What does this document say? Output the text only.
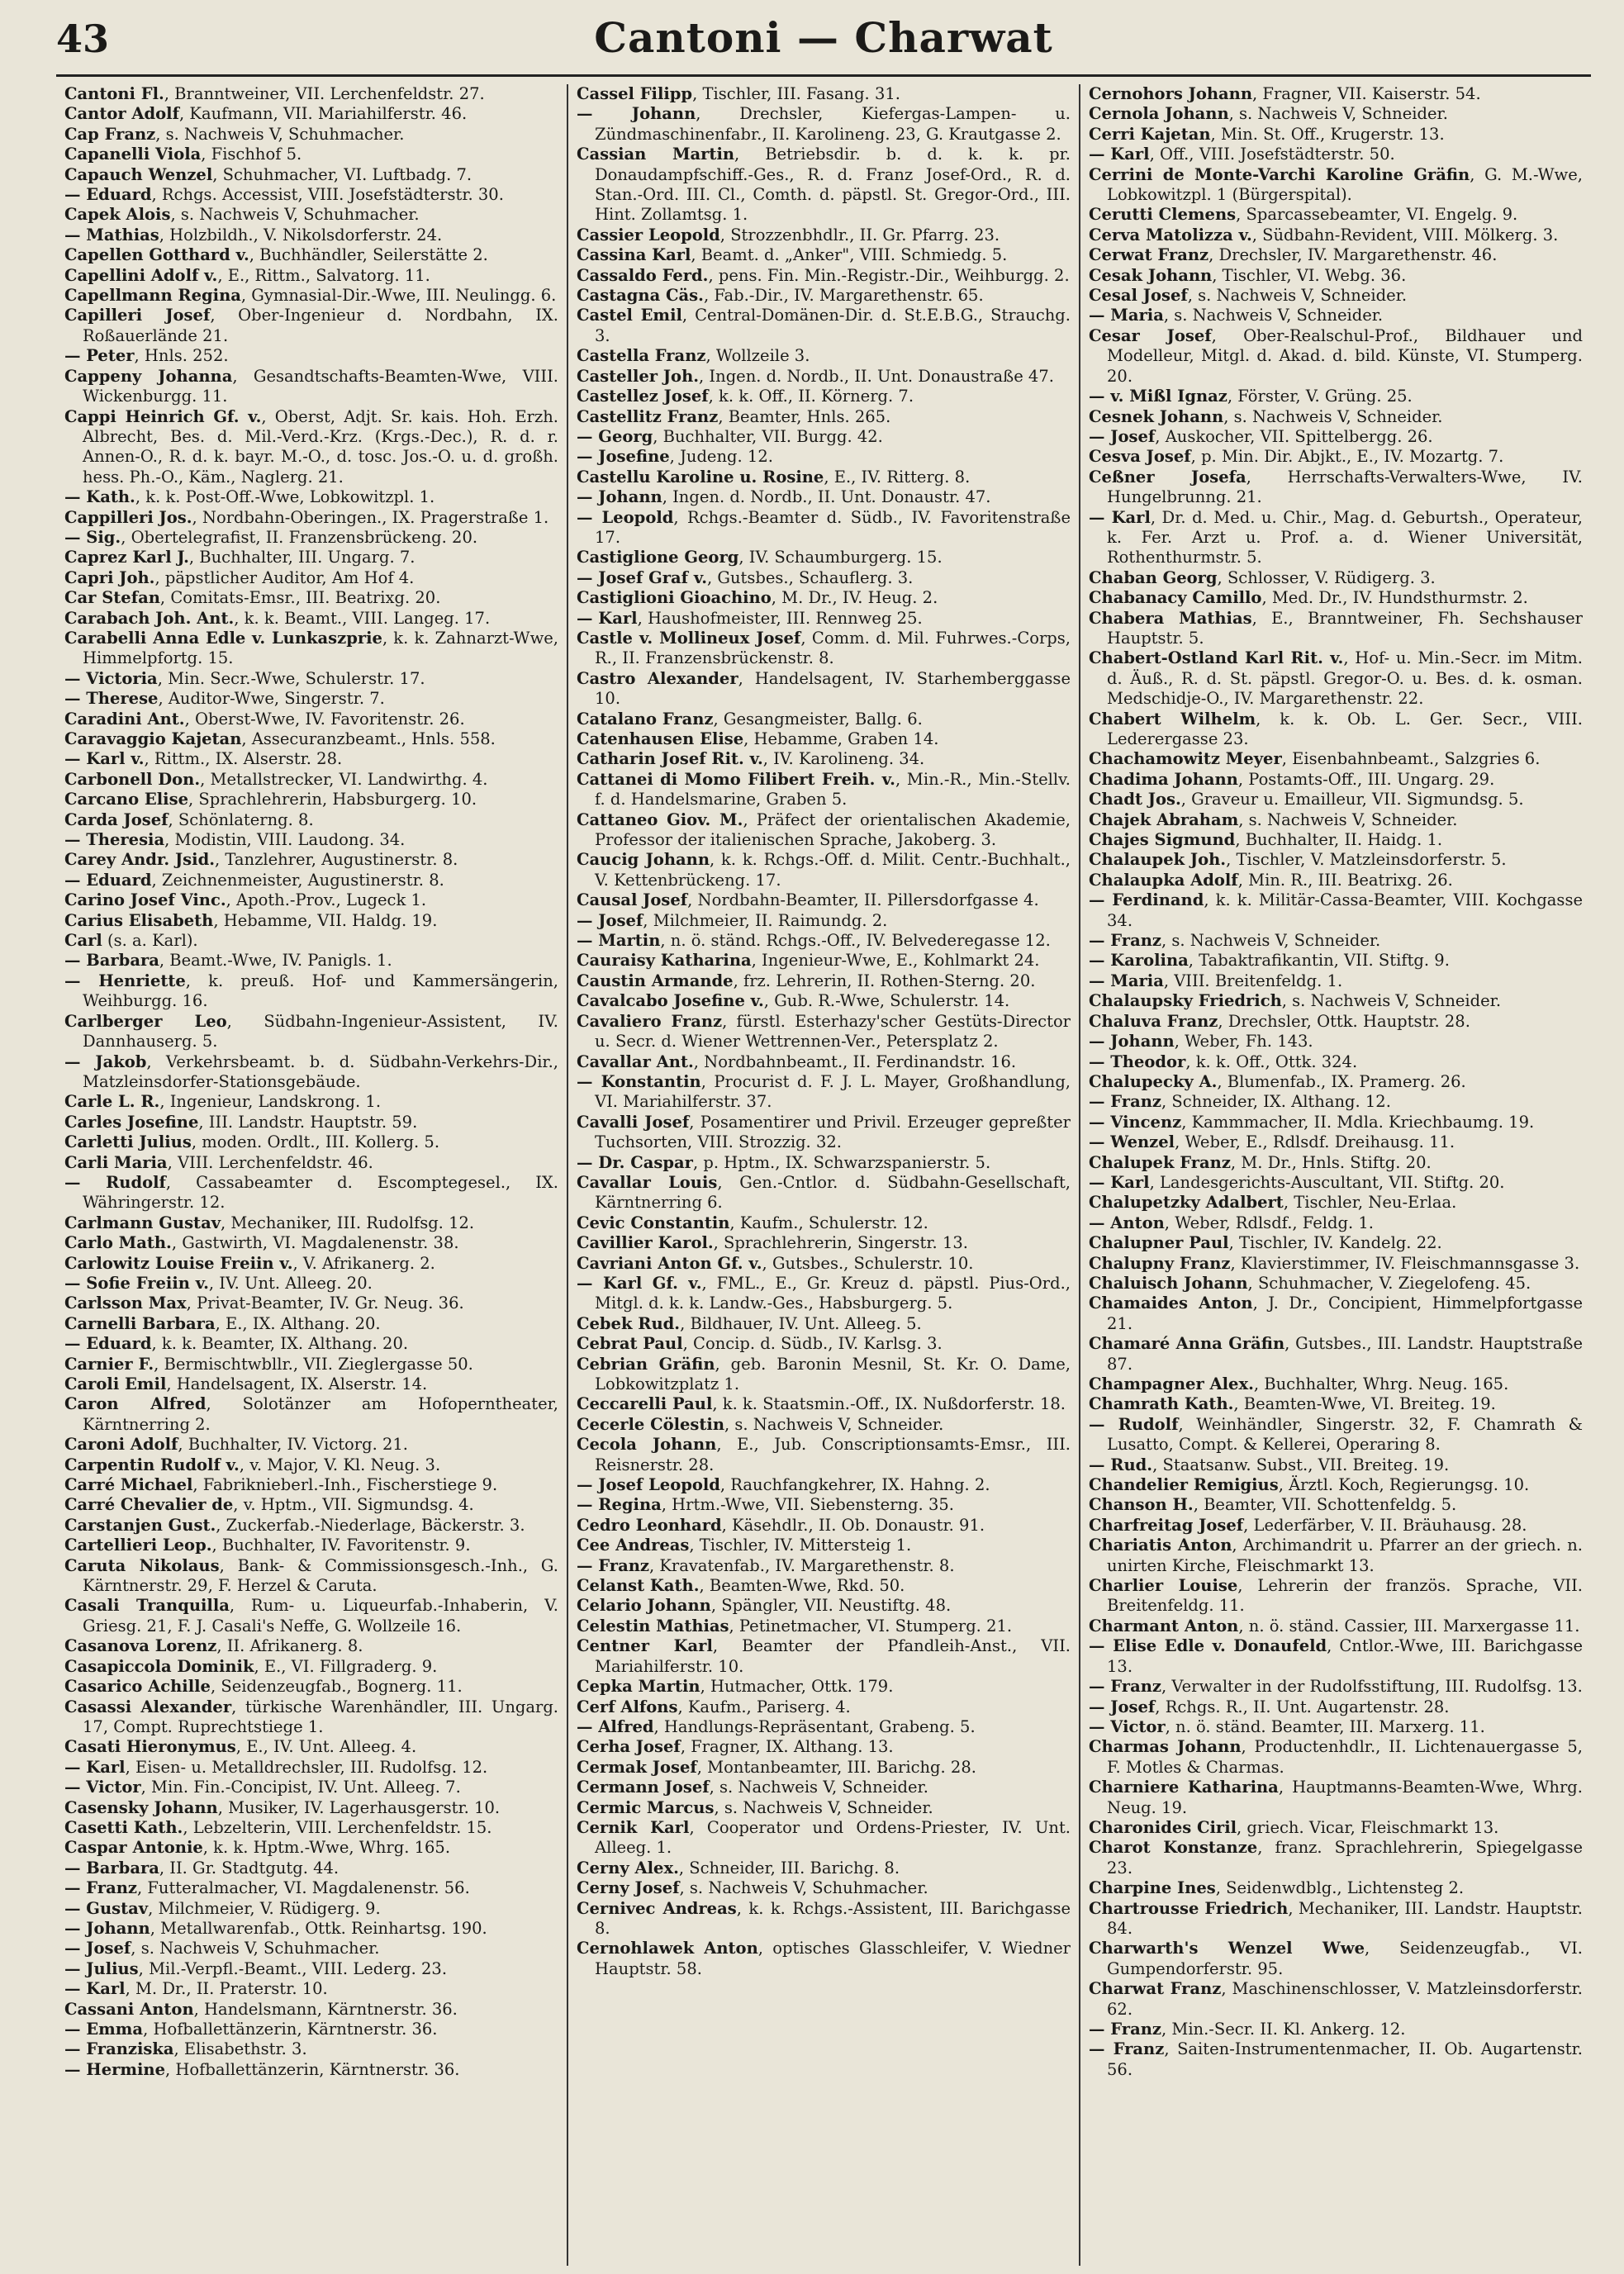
43	Cantoni — Charwat

Cantoni Fl., Branntweiner, VII. Lerchenfeldstr. 27.

Cantor Adolf, Kaufmann, VII. Mariahilferstr. 46.

Cap Franz, s. Nachweis V, Schuhmacher.

Capanelli Viola, Fischhof 5.

Capauch Wenzel, Schuhmacher, VI. Luftbadg. 7.

— Eduard, Rchgs. Accessist, VIII. Josefstädterstr. 30.

Capek Alois, s. Nachweis V, Schuhmacher.

— Mathias, Holzbildh., V. Nikolsdorferstr. 24.

Capellen Gotthard v., Buchhändler, Seilerstätte 2.

Capellini Adolf v., E., Rittm., Salvatorg. 11.

Capellmann Regina, Gymnasial-Dir.-Wwe, III. Neulingg. 6.

Capilleri Josef, Ober-Ingenieur d. Nordbahn, IX. Roßauerlände 21.

— Peter, Hnls. 252.

Cappeny Johanna, Gesandtschafts-Beamten-Wwe, VIII. Wickenburgg. 11.

Cappi Heinrich Gf. v., Oberst, Adjt. Sr. kais. Hoh. Erzh. Albrecht, Bes. d. Mil.-Verd.-Krz. (Krgs.-Dec.), R. d. r. Annen-O., R. d. k. bayr. M.-O., d. tosc. Jos.-O. u. d. großh. hess. Ph.-O., Käm., Naglerg. 21.

— Kath., k. k. Post-Off.-Wwe, Lobkowitzpl. 1.

Cappilleri Jos., Nordbahn-Oberingen., IX. Pragerstraße 1.

— Sig., Obertelegrafist, II. Franzensbrückeng. 20.

Caprez Karl J., Buchhalter, III. Ungarg. 7.

Capri Joh., päpstlicher Auditor, Am Hof 4.

Car Stefan, Comitats-Emsr., III. Beatrixg. 20.

Carabach Joh. Ant., k. k. Beamt., VIII. Langeg. 17.

Carabelli Anna Edle v. Lunkaszprie, k. k. Zahnarzt-Wwe, Himmelpfortg. 15.

— Victoria, Min. Secr.-Wwe, Schulerstr. 17.

— Therese, Auditor-Wwe, Singerstr. 7.

Caradini Ant., Oberst-Wwe, IV. Favoritenstr. 26.

Caravaggio Kajetan, Assecuranzbeamt., Hnls. 558.

— Karl v., Rittm., IX. Alserstr. 28.

Carbonell Don., Metallstrecker, VI. Landwirthg. 4.

Carcano Elise, Sprachlehrerin, Habsburgerg. 10.

Carda Josef, Schönlaterng. 8.

— Theresia, Modistin, VIII. Laudong. 34.

Carey Andr. Jsid., Tanzlehrer, Augustinerstr. 8.

— Eduard, Zeichnenmeister, Augustinerstr. 8.

Carino Josef Vinc., Apoth.-Prov., Lugeck 1.

Carius Elisabeth, Hebamme, VII. Haldg. 19.

Carl (s. a. Karl).

— Barbara, Beamt.-Wwe, IV. Panigls. 1.

— Henriette, k. preuß. Hof- und Kammersängerin, Weihburgg. 16.

Carlberger Leo, Südbahn-Ingenieur-Assistent, IV. Dannhauserg. 5.

— Jakob, Verkehrsbeamt. b. d. Südbahn-Verkehrs-Dir., Matzleinsdorfer-Stationsgebäude.

Carle L. R., Ingenieur, Landskrong. 1.

Carles Josefine, III. Landstr. Hauptstr. 59.

Carletti Julius, moden. Ordlt., III. Kollerg. 5.

Carli Maria, VIII. Lerchenfeldstr. 46.

— Rudolf, Cassabeamter d. Escomptegesel., IX. Währingerstr. 12.

Carlmann Gustav, Mechaniker, III. Rudolfsg. 12.

Carlo Math., Gastwirth, VI. Magdalenenstr. 38.

Carlowitz Louise Freiin v., V. Afrikanerg. 2.

— Sofie Freiin v., IV. Unt. Alleeg. 20.

Carlsson Max, Privat-Beamter, IV. Gr. Neug. 36.

Carnelli Barbara, E., IX. Althang. 20.

— Eduard, k. k. Beamter, IX. Althang. 20.

Carnier F., Bermischtwbllr., VII. Zieglergasse 50.

Caroli Emil, Handelsagent, IX. Alserstr. 14.

Caron Alfred, Solotänzer am Hofoperntheater, Kärntnerring 2.

Caroni Adolf, Buchhalter, IV. Victorg. 21.

Carpentin Rudolf v., v. Major, V. Kl. Neug. 3.

Carré Michael, Fabriknieberl.-Inh., Fischerstiege 9.

Carré Chevalier de, v. Hptm., VII. Sigmundsg. 4.

Carstanjen Gust., Zuckerfab.-Niederlage, Bäckerstr. 3.

Cartellieri Leop., Buchhalter, IV. Favoritenstr. 9.

Caruta Nikolaus, Bank- & Commissionsgesch.-Inh., G. Kärntnerstr. 29, F. Herzel & Caruta.

Casali Tranquilla, Rum- u. Liqueurfab.-Inhaberin, V. Griesg. 21, F. J. Casali's Neffe, G. Wollzeile 16.

Casanova Lorenz, II. Afrikanerg. 8.

Casapiccola Dominik, E., VI. Fillgraderg. 9.

Casarico Achille, Seidenzeugfab., Bognerg. 11.

Casassi Alexander, türkische Warenhändler, III. Ungarg. 17, Compt. Ruprechtstiege 1.

Casati Hieronymus, E., IV. Unt. Alleeg. 4.

— Karl, Eisen- u. Metalldrechsler, III. Rudolfsg. 12.

— Victor, Min. Fin.-Concipist, IV. Unt. Alleeg. 7.

Casensky Johann, Musiker, IV. Lagerhausgerstr. 10.

Casetti Kath., Lebzelterin, VIII. Lerchenfeldstr. 15.

Caspar Antonie, k. k. Hptm.-Wwe, Whrg. 165.

— Barbara, II. Gr. Stadtgutg. 44.

— Franz, Futteralmacher, VI. Magdalenenstr. 56.

— Gustav, Milchmeier, V. Rüdigerg. 9.

— Johann, Metallwarenfab., Ottk. Reinhartsg. 190.

— Josef, s. Nachweis V, Schuhmacher.

— Julius, Mil.-Verpfl.-Beamt., VIII. Lederg. 23.

— Karl, M. Dr., II. Praterstr. 10.

Cassani Anton, Handelsmann, Kärntnerstr. 36.

— Emma, Hofballettänzerin, Kärntnerstr. 36.

— Franziska, Elisabethstr. 3.

— Hermine, Hofballettänzerin, Kärntnerstr. 36.

Cassel Filipp, Tischler, III. Fasang. 31.

— Johann, Drechsler, Kiefergas-Lampen- u. Zündmaschinenfabr., II. Karolineng. 23, G. Krautgasse 2.

Cassian Martin, Betriebsdir. b. d. k. k. pr. Donaudampfschiff.-Ges., R. d. Franz Josef-Ord., R. d. Stan.-Ord. III. Cl., Comth. d. päpstl. St. Gregor-Ord., III. Hint. Zollamtsg. 1.

Cassier Leopold, Strozzenbhdlr., II. Gr. Pfarrg. 23.

Cassina Karl, Beamt. d. „Anker", VIII. Schmiedg. 5.

Cassaldo Ferd., pens. Fin. Min.-Registr.-Dir., Weihburgg. 2.

Castagna Cäs., Fab.-Dir., IV. Margarethenstr. 65.

Castel Emil, Central-Domänen-Dir. d. St.E.B.G., Strauchg. 3.

Castella Franz, Wollzeile 3.

Casteller Joh., Ingen. d. Nordb., II. Unt. Donaustraße 47.

Castellez Josef, k. k. Off., II. Körnerg. 7.

Castellitz Franz, Beamter, Hnls. 265.

— Georg, Buchhalter, VII. Burgg. 42.

— Josefine, Judeng. 12.

Castellu Karoline u. Rosine, E., IV. Ritterg. 8.

— Johann, Ingen. d. Nordb., II. Unt. Donaustr. 47.

— Leopold, Rchgs.-Beamter d. Südb., IV. Favoritenstraße 17.

Castiglione Georg, IV. Schaumburgerg. 15.

— Josef Graf v., Gutsbes., Schauflerg. 3.

Castiglioni Gioachino, M. Dr., IV. Heug. 2.

— Karl, Haushofmeister, III. Rennweg 25.

Castle v. Mollineux Josef, Comm. d. Mil. Fuhrwes.-Corps, R., II. Franzensbrückenstr. 8.

Castro Alexander, Handelsagent, IV. Starhemberggasse 10.

Catalano Franz, Gesangmeister, Ballg. 6.

Catenhausen Elise, Hebamme, Graben 14.

Catharin Josef Rit. v., IV. Karolineng. 34.

Cattanei di Momo Filibert Freih. v., Min.-R., Min.-Stellv. f. d. Handelsmarine, Graben 5.

Cattaneo Giov. M., Präfect der orientalischen Akademie, Professor der italienischen Sprache, Jakoberg. 3.

Caucig Johann, k. k. Rchgs.-Off. d. Milit. Centr.-Buchhalt., V. Kettenbrückeng. 17.

Causal Josef, Nordbahn-Beamter, II. Pillersdorfgasse 4.

— Josef, Milchmeier, II. Raimundg. 2.

— Martin, n. ö. ständ. Rchgs.-Off., IV. Belvederegasse 12.

Cauraisy Katharina, Ingenieur-Wwe, E., Kohlmarkt 24.

Caustin Armande, frz. Lehrerin, II. Rothen-Sterng. 20.

Cavalcabo Josefine v., Gub. R.-Wwe, Schulerstr. 14.

Cavaliero Franz, fürstl. Esterhazy'scher Gestüts-Director u. Secr. d. Wiener Wettrennen-Ver., Petersplatz 2.

Cavallar Ant., Nordbahnbeamt., II. Ferdinandstr. 16.

— Konstantin, Procurist d. F. J. L. Mayer, Großhandlung, VI. Mariahilferstr. 37.

Cavalli Josef, Posamentirer und Privil. Erzeuger gepreßter Tuchsorten, VIII. Strozzig. 32.

— Dr. Caspar, p. Hptm., IX. Schwarzspanierstr. 5.

Cavallar Louis, Gen.-Cntlor. d. Südbahn-Gesellschaft, Kärntnerring 6.

Cevic Constantin, Kaufm., Schulerstr. 12.

Cavillier Karol., Sprachlehrerin, Singerstr. 13.

Cavriani Anton Gf. v., Gutsbes., Schulerstr. 10.

— Karl Gf. v., FML., E., Gr. Kreuz d. päpstl. Pius-Ord., Mitgl. d. k. k. Landw.-Ges., Habsburgerg. 5.

Cebek Rud., Bildhauer, IV. Unt. Alleeg. 5.

Cebrat Paul, Concip. d. Südb., IV. Karlsg. 3.

Cebrian Gräfin, geb. Baronin Mesnil, St. Kr. O. Dame, Lobkowitzplatz 1.

Ceccarelli Paul, k. k. Staatsmin.-Off., IX. Nußdorferstr. 18.

Cecerle Cölestin, s. Nachweis V, Schneider.

Cecola Johann, E., Jub. Conscriptionsamts-Emsr., III. Reisnerstr. 28.

— Josef Leopold, Rauchfangkehrer, IX. Hahng. 2.

— Regina, Hrtm.-Wwe, VII. Siebensterng. 35.

Cedro Leonhard, Käsehdlr., II. Ob. Donaustr. 91.

Cee Andreas, Tischler, IV. Mittersteig 1.

— Franz, Kravatenfab., IV. Margarethenstr. 8.

Celanst Kath., Beamten-Wwe, Rkd. 50.

Celario Johann, Spängler, VII. Neustiftg. 48.

Celestin Mathias, Petinetmacher, VI. Stumperg. 21.

Centner Karl, Beamter der Pfandleih-Anst., VII. Mariahilferstr. 10.

Cepka Martin, Hutmacher, Ottk. 179.

Cerf Alfons, Kaufm., Pariserg. 4.

— Alfred, Handlungs-Repräsentant, Grabeng. 5.

Cerha Josef, Fragner, IX. Althang. 13.

Cermak Josef, Montanbeamter, III. Barichg. 28.

Cermann Josef, s. Nachweis V, Schneider.

Cermic Marcus, s. Nachweis V, Schneider.

Cernik Karl, Cooperator und Ordens-Priester, IV. Unt. Alleeg. 1.

Cerny Alex., Schneider, III. Barichg. 8.

Cerny Josef, s. Nachweis V, Schuhmacher.

Cernivec Andreas, k. k. Rchgs.-Assistent, III. Barichgasse 8.

Cernohlawek Anton, optisches Glasschleifer, V. Wiedner Hauptstr. 58.

Cernohors Johann, Fragner, VII. Kaiserstr. 54.

Cernola Johann, s. Nachweis V, Schneider.

Cerri Kajetan, Min. St. Off., Krugerstr. 13.

— Karl, Off., VIII. Josefstädterstr. 50.

Cerrini de Monte-Varchi Karoline Gräfin, G. M.-Wwe, Lobkowitzpl. 1 (Bürgerspital).

Cerutti Clemens, Sparcassebeamter, VI. Engelg. 9.

Cerva Matolizza v., Südbahn-Revident, VIII. Mölkerg. 3.

Cerwat Franz, Drechsler, IV. Margarethenstr. 46.

Cesak Johann, Tischler, VI. Webg. 36.

Cesal Josef, s. Nachweis V, Schneider.

— Maria, s. Nachweis V, Schneider.

Cesar Josef, Ober-Realschul-Prof., Bildhauer und Modelleur, Mitgl. d. Akad. d. bild. Künste, VI. Stumperg. 20.

— v. Mißl Ignaz, Förster, V. Grüng. 25.

Cesnek Johann, s. Nachweis V, Schneider.

— Josef, Auskocher, VII. Spittelbergg. 26.

Cesva Josef, p. Min. Dir. Abjkt., E., IV. Mozartg. 7.

Ceßner Josefa, Herrschafts-Verwalters-Wwe, IV. Hungelbrunng. 21.

— Karl, Dr. d. Med. u. Chir., Mag. d. Geburtsh., Operateur, k. Fer. Arzt u. Prof. a. d. Wiener Universität, Rothenthurmstr. 5.

Chaban Georg, Schlosser, V. Rüdigerg. 3.

Chabanacy Camillo, Med. Dr., IV. Hundsthurmstr. 2.

Chabera Mathias, E., Branntweiner, Fh. Sechshauser Hauptstr. 5.

Chabert-Ostland Karl Rit. v., Hof- u. Min.-Secr. im Mitm. d. Äuß., R. d. St. päpstl. Gregor-O. u. Bes. d. k. osman. Medschidje-O., IV. Margarethenstr. 22.

Chabert Wilhelm, k. k. Ob. L. Ger. Secr., VIII. Lederergasse 23.

Chachamowitz Meyer, Eisenbahnbeamt., Salzgries 6.

Chadima Johann, Postamts-Off., III. Ungarg. 29.

Chadt Jos., Graveur u. Emailleur, VII. Sigmundsg. 5.

Chajek Abraham, s. Nachweis V, Schneider.

Chajes Sigmund, Buchhalter, II. Haidg. 1.

Chalaupek Joh., Tischler, V. Matzleinsdorferstr. 5.

Chalaupka Adolf, Min. R., III. Beatrixg. 26.

— Ferdinand, k. k. Militär-Cassa-Beamter, VIII. Kochgasse 34.

— Franz, s. Nachweis V, Schneider.

— Karolina, Tabaktrafikantin, VII. Stiftg. 9.

— Maria, VIII. Breitenfeldg. 1.

Chalaupsky Friedrich, s. Nachweis V, Schneider.

Chaluva Franz, Drechsler, Ottk. Hauptstr. 28.

— Johann, Weber, Fh. 143.

— Theodor, k. k. Off., Ottk. 324.

Chalupecky A., Blumenfab., IX. Pramerg. 26.

— Franz, Schneider, IX. Althang. 12.

— Vincenz, Kammmacher, II. Mdla. Kriechbaumg. 19.

— Wenzel, Weber, E., Rdlsdf. Dreihausg. 11.

Chalupek Franz, M. Dr., Hnls. Stiftg. 20.

— Karl, Landesgerichts-Auscultant, VII. Stiftg. 20.

Chalupetzky Adalbert, Tischler, Neu-Erlaa.

— Anton, Weber, Rdlsdf., Feldg. 1.

Chalupner Paul, Tischler, IV. Kandelg. 22.

Chalupny Franz, Klavierstimmer, IV. Fleischmannsgasse 3.

Chaluisch Johann, Schuhmacher, V. Ziegelofeng. 45.

Chamaides Anton, J. Dr., Concipient, Himmelpfortgasse 21.

Chamaré Anna Gräfin, Gutsbes., III. Landstr. Hauptstraße 87.

Champagner Alex., Buchhalter, Whrg. Neug. 165.

Chamrath Kath., Beamten-Wwe, VI. Breiteg. 19.

— Rudolf, Weinhändler, Singerstr. 32, F. Chamrath & Lusatto, Compt. & Kellerei, Operaring 8.

— Rud., Staatsanw. Subst., VII. Breiteg. 19.

Chandelier Remigius, Ärztl. Koch, Regierungsg. 10.

Chanson H., Beamter, VII. Schottenfeldg. 5.

Charfreitag Josef, Lederfärber, V. II. Bräuhausg. 28.

Chariatis Anton, Archimandrit u. Pfarrer an der griech. n. unirten Kirche, Fleischmarkt 13.

Charlier Louise, Lehrerin der französ. Sprache, VII. Breitenfeldg. 11.

Charmant Anton, n. ö. ständ. Cassier, III. Marxergasse 11.

— Elise Edle v. Donaufeld, Cntlor.-Wwe, III. Barichgasse 13.

— Franz, Verwalter in der Rudolfsstiftung, III. Rudolfsg. 13.

— Josef, Rchgs. R., II. Unt. Augartenstr. 28.

— Victor, n. ö. ständ. Beamter, III. Marxerg. 11.

Charmas Johann, Productenhdlr., II. Lichtenauergasse 5, F. Motles & Charmas.

Charniere Katharina, Hauptmanns-Beamten-Wwe, Whrg. Neug. 19.

Charonides Ciril, griech. Vicar, Fleischmarkt 13.

Charot Konstanze, franz. Sprachlehrerin, Spiegelgasse 23.

Charpine Ines, Seidenwdblg., Lichtensteg 2.

Chartrousse Friedrich, Mechaniker, III. Landstr. Hauptstr. 84.

Charwarth's Wenzel Wwe, Seidenzeugfab., VI. Gumpendorferstr. 95.

Charwat Franz, Maschinenschlosser, V. Matzleinsdorferstr. 62.

— Franz, Min.-Secr. II. Kl. Ankerg. 12.

— Franz, Saiten-Instrumentenmacher, II. Ob. Augartenstr. 56.
